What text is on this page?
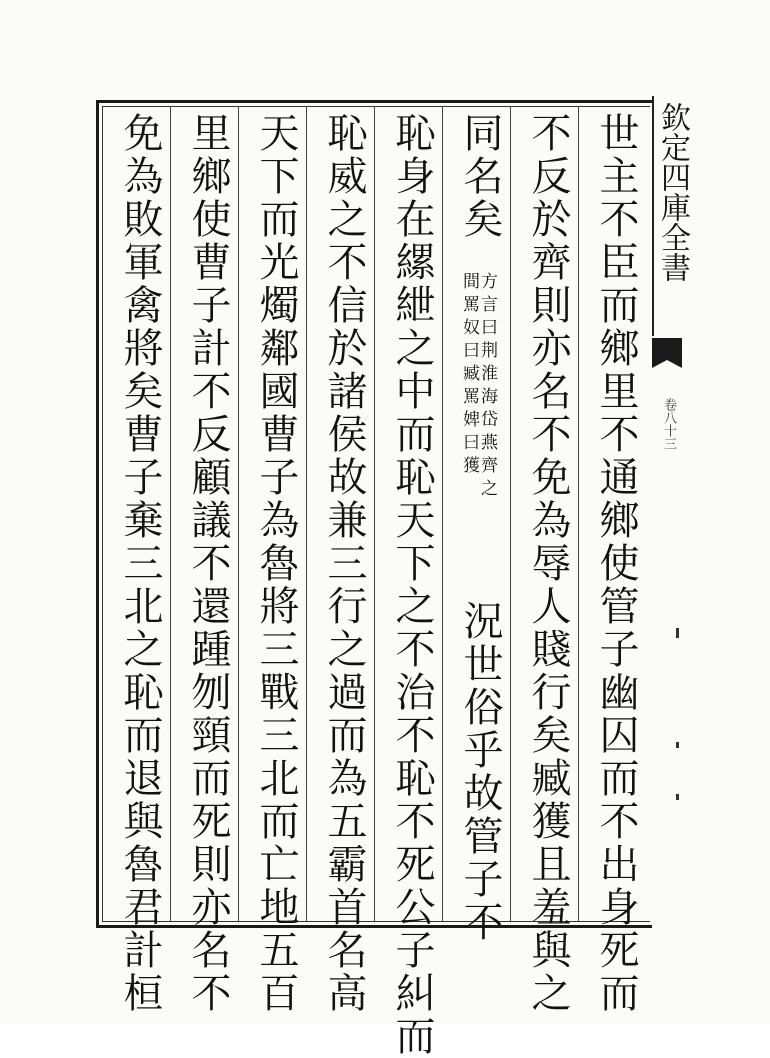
欽定四庫全書
卷八十三
世主不臣而鄉里不通鄉使管子幽囚而不出身死而
不反於齊則亦名不免為辱人賤行矣臧獲且羞與之
同名矣
方言曰荆淮海岱燕齊之
間罵奴曰臧罵婢曰獲
況世俗乎故管子不
恥身在縲紲之中而恥天下之不治不恥不死公子糾而
恥威之不信於諸侯故兼三行之過而為五霸首名高
天下而光燭鄰國曹子為魯將三戰三北而亡地五百
里鄉使曹子計不反顧議不還踵刎頸而死則亦名不
免為敗軍禽將矣曹子棄三北之恥而退與魯君計桓
